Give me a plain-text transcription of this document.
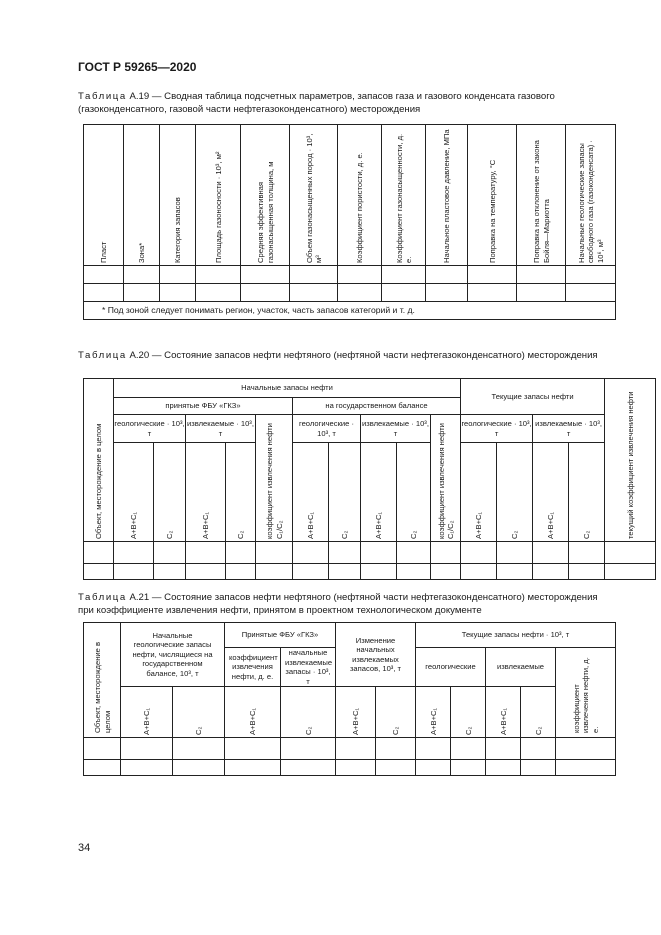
ГОСТ Р 59265—2020
Таблица А.19 — Сводная таблица подсчетных параметров, запасов газа и газового конденсата газового (газоконденсатного, газовой части нефтегазоконденсатного) месторождения
Пласт	Зона*	Категория запасов	Площадь газоносности · 10³, м²	Средняя эффективная газонасыщенная толщина, м	Объем газонасыщенных пород · 10³, м³	Коэффициент пористости, д. е.	Коэффициент газонасыщенности, д. е.	Начальное пластовое давление, МПа	Поправка на температуру, °С	Поправка на отклонение от закона Бойля—Мариотта	Начальные геологические запасы свободного газа (газоконденсата) · 10⁶, м³

* Под зоной следует понимать регион, участок, часть запасов категорий и т. д.											
Таблица А.20 — Состояние запасов нефти нефтяного (нефтяной части нефтегазоконденсатного) месторождения
Объект, месторождение в целом	Начальные запасы нефти										Текущие запасы нефти				текущий коэффициент извлечения нефти

	принятые ФБУ «ГКЗ»					на государственном балансе									
	геологические · 10³, т		извлекаемые · 10³, т		коэффициент извлечения нефти C₁/C₂	геологические · 10³, т		извлекаемые · 10³, т		коэффициент извлечения нефти C₁/C₂	геологические · 10³, т		извлекаемые · 10³, т		

	А+В+С₁	С₂	А+В+С₁	С₂		А+В+С₁	С₂	А+В+С₁	С₂		А+В+С₁	С₂	А+В+С₁	С₂	

Таблица А.21 — Состояние запасов нефти нефтяного (нефтяной части нефтегазоконденсатного) месторождения при коэффициенте извлечения нефти, принятом в проектном технологическом документе
Объект, месторождение в целом	Начальные геологические запасы нефти, числящиеся на государственном балансе, 10³, т		Принятые ФБУ «ГКЗ»		Изменение начальных извлекаемых запасов, 10³, т		Текущие запасы нефти · 10³, т				
			коэффициент извлечения нефти, д. е.	начальные извлекаемые запасы · 10³, т			геологические		извлекаемые		коэффициент извлечения нефти, д. е.

	А+В+С₁	С₂	А+В+С₁	С₂	А+В+С₁	С₂	А+В+С₁	С₂	А+В+С₁	С₂	

34
